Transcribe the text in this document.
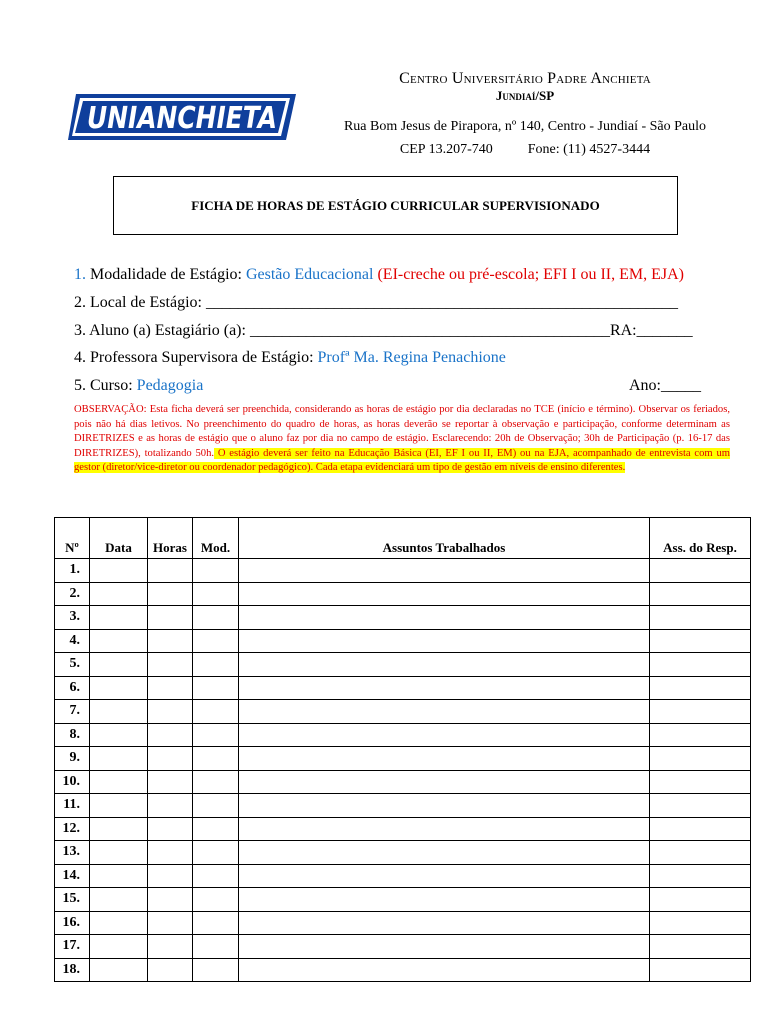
UNIANCHIETA
Centro Universitário Padre Anchieta
Jundiaí/SP
Rua Bom Jesus de Pirapora, nº 140, Centro - Jundiaí - São Paulo
CEP 13.207-740	Fone: (11) 4527-3444
FICHA DE HORAS DE ESTÁGIO CURRICULAR SUPERVISIONADO
1. Modalidade de Estágio: Gestão Educacional (EI-creche ou pré-escola; EFI I ou II, EM, EJA)
2. Local de Estágio: ___________________________________________________________
3. Aluno (a) Estagiário (a): _____________________________________________RA:_______
4. Professora Supervisora de Estágio: Profª Ma. Regina Penachione
5. Curso: Pedagogia	Ano:_____
OBSERVAÇÃO: Esta ficha deverá ser preenchida, considerando as horas de estágio por dia declaradas no TCE (início e término). Observar os feriados, pois não há dias letivos. No preenchimento do quadro de horas, as horas deverão se reportar à observação e participação, conforme determinam as DIRETRIZES e as horas de estágio que o aluno faz por dia no campo de estágio. Esclarecendo: 20h de Observação; 30h de Participação (p. 16-17 das DIRETRIZES), totalizando 50h. O estágio deverá ser feito na Educação Básica (EI, EF I ou II, EM) ou na EJA, acompanhado de entrevista com um gestor (diretor/vice-diretor ou coordenador pedagógico). Cada etapa evidenciará um tipo de gestão em níveis de ensino diferentes.
Nº	Data	Horas	Mod.	Assuntos Trabalhados	Ass. do Resp.
1.					
2.					
3.					
4.					
5.					
6.					
7.					
8.					
9.					
10.					
11.					
12.					
13.					
14.					
15.					
16.					
17.					
18.					
